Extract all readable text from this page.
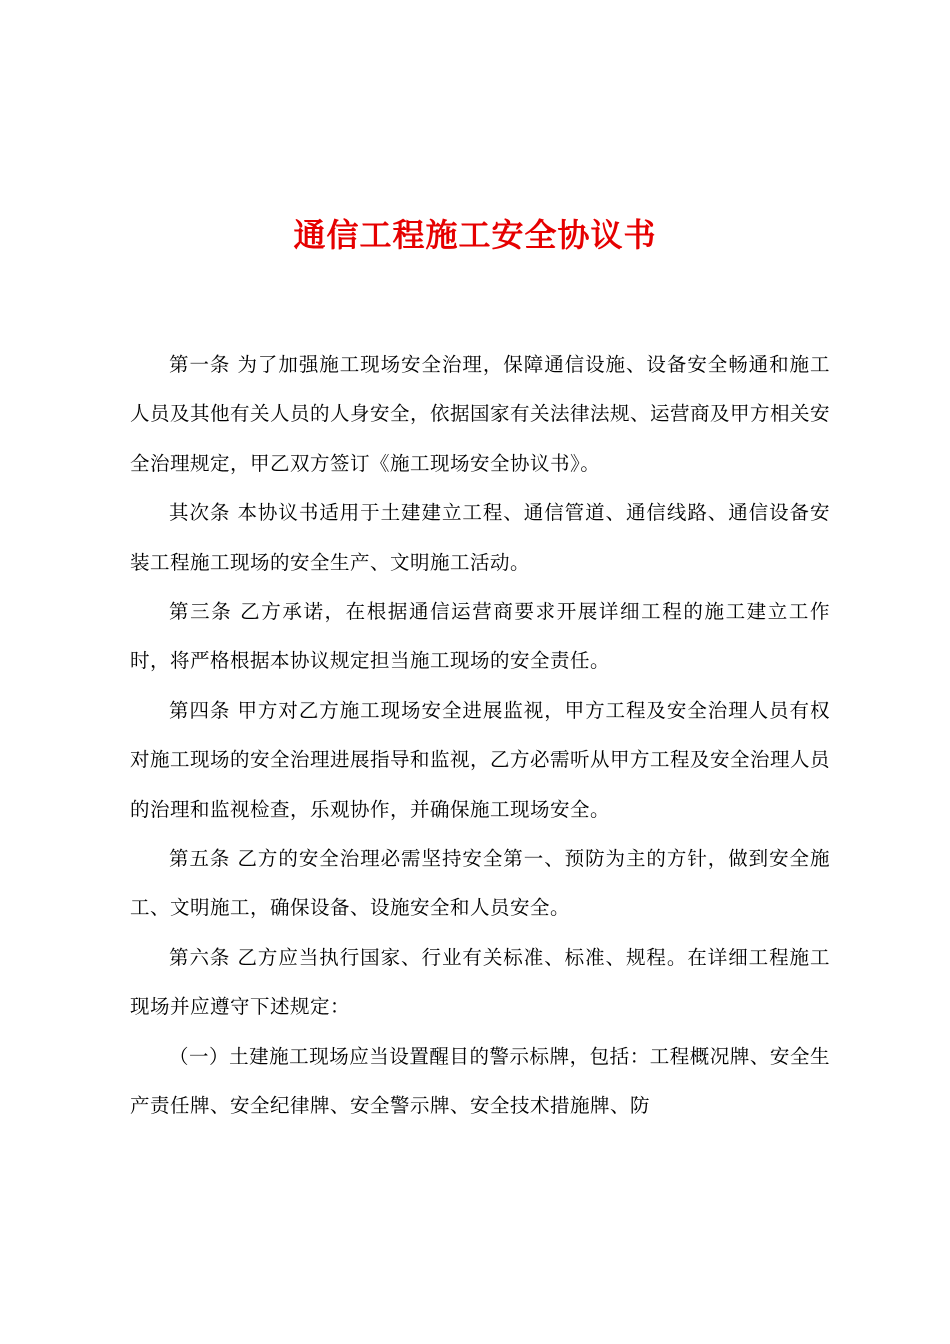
通信工程施工安全协议书

第一条 为了加强施工现场安全治理，保障通信设施、设备安全畅通和施工人员及其他有关人员的人身安全，依据国家有关法律法规、运营商及甲方相关安全治理规定，甲乙双方签订《施工现场安全协议书》。

其次条 本协议书适用于土建建立工程、通信管道、通信线路、通信设备安装工程施工现场的安全生产、文明施工活动。

第三条 乙方承诺，在根据通信运营商要求开展详细工程的施工建立工作时，将严格根据本协议规定担当施工现场的安全责任。

第四条 甲方对乙方施工现场安全进展监视，甲方工程及安全治理人员有权对施工现场的安全治理进展指导和监视，乙方必需听从甲方工程及安全治理人员的治理和监视检查，乐观协作，并确保施工现场安全。

第五条 乙方的安全治理必需坚持安全第一、预防为主的方针，做到安全施工、文明施工，确保设备、设施安全和人员安全。

第六条 乙方应当执行国家、行业有关标准、标准、规程。在详细工程施工现场并应遵守下述规定：

（一）土建施工现场应当设置醒目的警示标牌，包括：工程概况牌、安全生产责任牌、安全纪律牌、安全警示牌、安全技术措施牌、防
